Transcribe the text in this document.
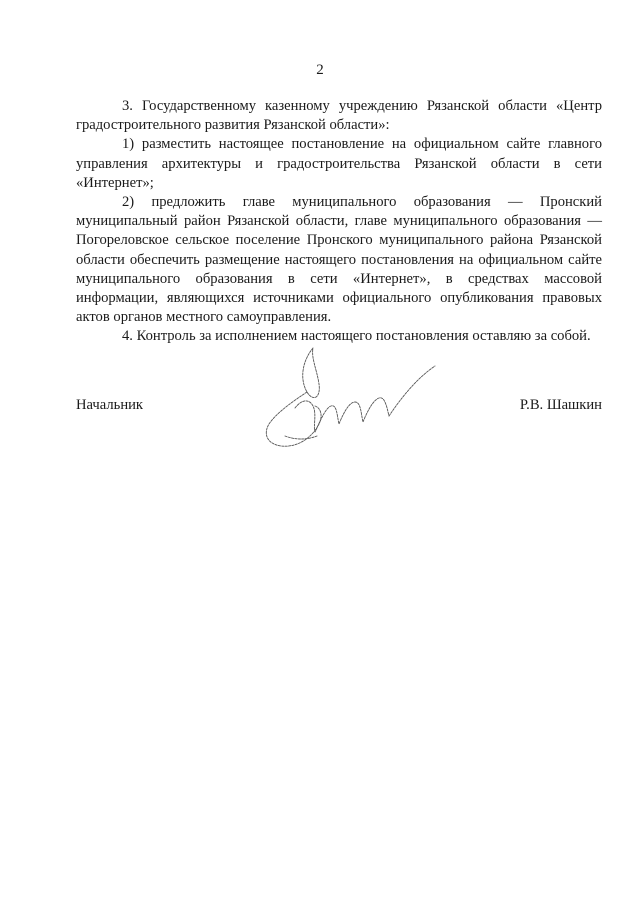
2

3. Государственному казенному учреждению Рязанской области «Центр градостроительного развития Рязанской области»:

1) разместить настоящее постановление на официальном сайте главного управления архитектуры и градостроительства Рязанской области в сети «Интернет»;

2) предложить главе муниципального образования — Пронский муниципальный район Рязанской области, главе муниципального образования — Погореловское сельское поселение Пронского муниципального района Рязанской области обеспечить размещение настоящего постановления на официальном сайте муниципального образования в сети «Интернет», в средствах массовой информации, являющихся источниками официального опубликования правовых актов органов местного самоуправления.

4. Контроль за исполнением настоящего постановления оставляю за собой.

Начальник	Р.В. Шашкин
